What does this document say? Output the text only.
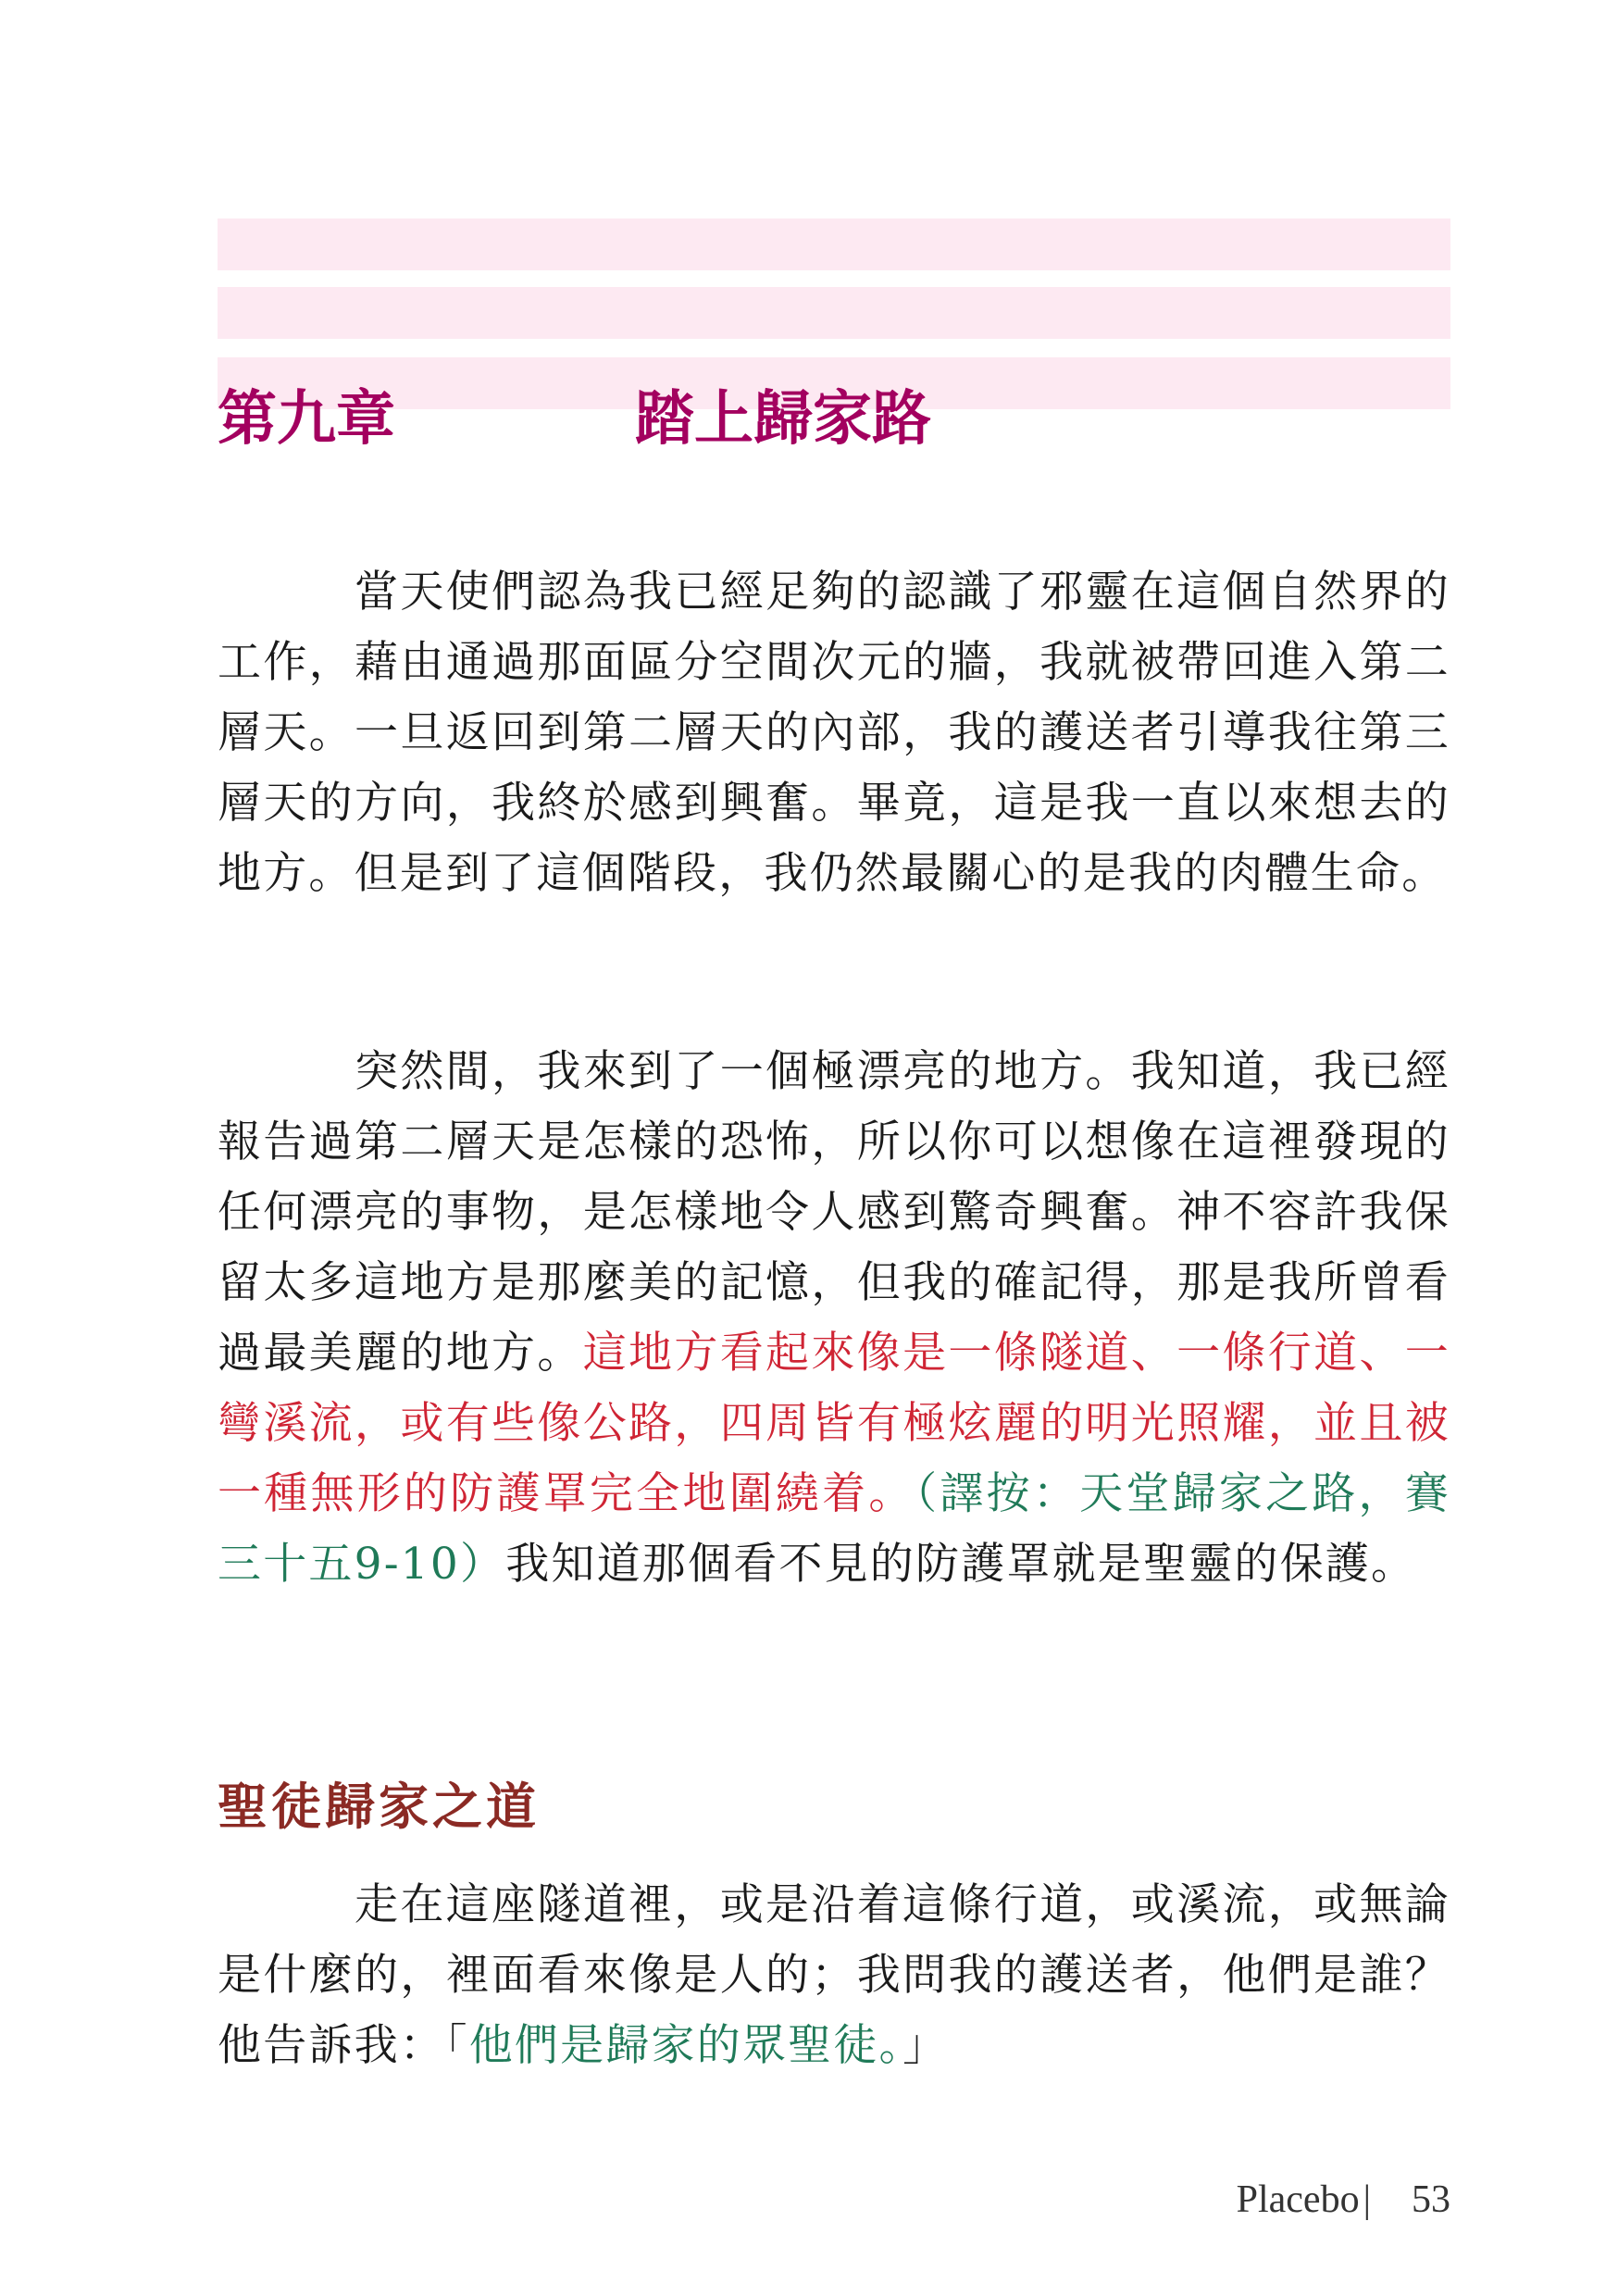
第九章	踏上歸家路

當天使們認為我已經足夠的認識了邪靈在這個自然界的工作，藉由通過那面區分空間次元的牆，我就被帶回進入第二層天。一旦返回到第二層天的內部，我的護送者引導我往第三層天的方向，我終於感到興奮。畢竟，這是我一直以來想去的地方。但是到了這個階段，我仍然最關心的是我的肉體生命。

突然間，我來到了一個極漂亮的地方。我知道，我已經報告過第二層天是怎樣的恐怖，所以你可以想像在這裡發現的任何漂亮的事物，是怎樣地令人感到驚奇興奮。神不容許我保留太多這地方是那麼美的記憶，但我的確記得，那是我所曾看過最美麗的地方。這地方看起來像是一條隧道、一條行道、一彎溪流，或有些像公路，四周皆有極炫麗的明光照耀，並且被一種無形的防護罩完全地圍繞着。（譯按：天堂歸家之路，賽三十五9-10）我知道那個看不見的防護罩就是聖靈的保護。

聖徒歸家之道

走在這座隧道裡，或是沿着這條行道，或溪流，或無論是什麼的，裡面看來像是人的；我問我的護送者，他們是誰？他告訴我：「他們是歸家的眾聖徒。」

Placebo| 53
